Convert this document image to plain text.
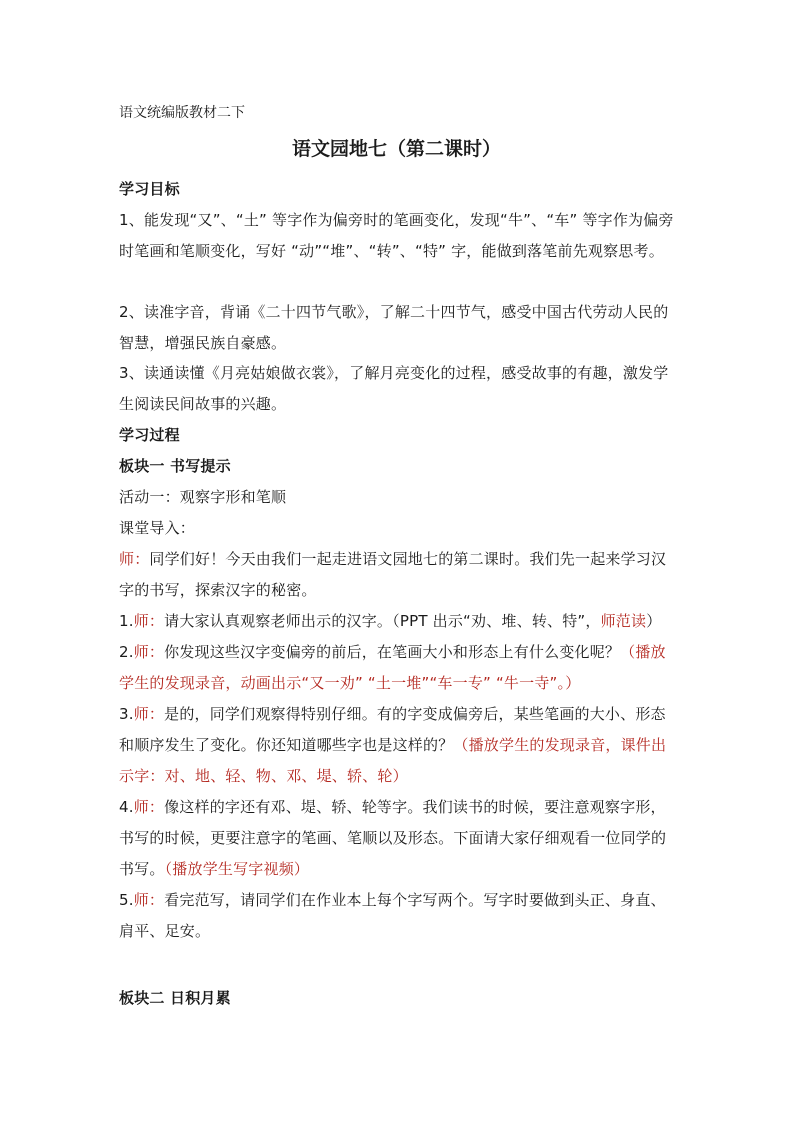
语文统编版教材二下
语文园地七（第二课时）
学习目标
1、能发现“又”、“土” 等字作为偏旁时的笔画变化，发现“牛”、“车” 等字作为偏旁时笔画和笔顺变化，写好 “动”“堆”、“转”、“特” 字，能做到落笔前先观察思考。
2、读准字音，背诵《二十四节气歌》，了解二十四节气，感受中国古代劳动人民的智慧，增强民族自豪感。
3、读通读懂《月亮姑娘做衣裳》，了解月亮变化的过程，感受故事的有趣，激发学生阅读民间故事的兴趣。
学习过程
板块一 书写提示
活动一：观察字形和笔顺
课堂导入：
师：同学们好！今天由我们一起走进语文园地七的第二课时。我们先一起来学习汉字的书写，探索汉字的秘密。
1.师：请大家认真观察老师出示的汉字。（PPT 出示“劝、堆、转、特”，师范读）
2.师：你发现这些汉字变偏旁的前后，在笔画大小和形态上有什么变化呢？（播放学生的发现录音，动画出示“又一劝” “土一堆”“车一专” “牛一寺”。）
3.师：是的，同学们观察得特别仔细。有的字变成偏旁后，某些笔画的大小、形态和顺序发生了变化。你还知道哪些字也是这样的？（播放学生的发现录音，课件出示字：对、地、轻、物、邓、堤、轿、轮）
4.师：像这样的字还有邓、堤、轿、轮等字。我们读书的时候，要注意观察字形，书写的时候，更要注意字的笔画、笔顺以及形态。下面请大家仔细观看一位同学的书写。（播放学生写字视频）
5.师：看完范写，请同学们在作业本上每个字写两个。写字时要做到头正、身直、肩平、足安。
板块二 日积月累
